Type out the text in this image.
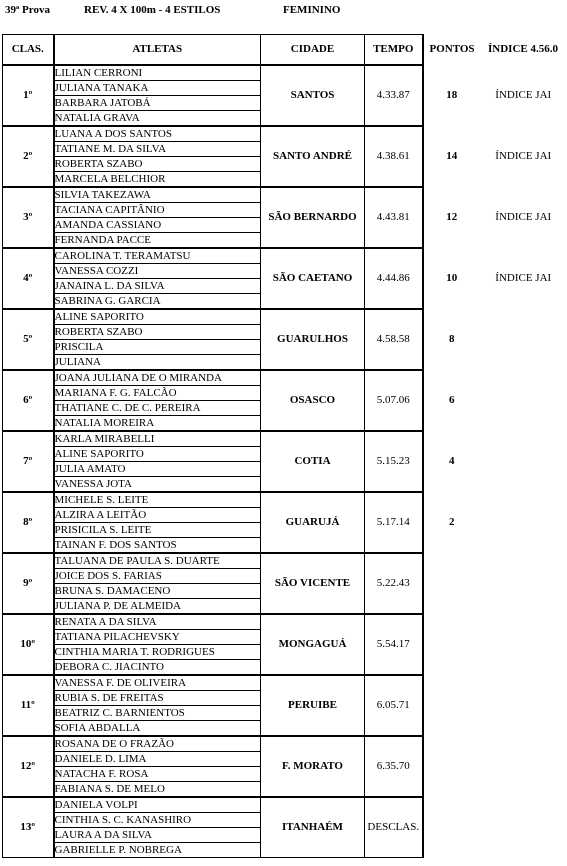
39ª Prova	REV. 4 X 100m - 4 ESTILOS	FEMININO
CLAS.	ATLETAS	CIDADE	TEMPO	PONTOS	ÍNDICE 4.56.0
1º	LILIAN CERRONI	SANTOS	4.33.87	18	ÍNDICE JAI
	JULIANA TANAKA				
	BARBARA JATOBÁ				
	NATALIA GRAVA				
2º	LUANA A DOS SANTOS	SANTO ANDRÉ	4.38.61	14	ÍNDICE JAI
	TATIANE M. DA SILVA				
	ROBERTA SZABO				
	MARCELA BELCHIOR				
3º	SILVIA TAKEZAWA	SÃO BERNARDO	4.43.81	12	ÍNDICE JAI
	TACIANA CAPITÂNIO				
	AMANDA CASSIANO				
	FERNANDA PACCE				
4º	CAROLINA T. TERAMATSU	SÃO CAETANO	4.44.86	10	ÍNDICE JAI
	VANESSA COZZI				
	JANAINA L. DA SILVA				
	SABRINA G. GARCIA				
5º	ALINE SAPORITO	GUARULHOS	4.58.58	8	
	ROBERTA SZABO				
	PRISCILA				
	JULIANA				
6º	JOANA JULIANA DE O MIRANDA	OSASCO	5.07.06	6	
	MARIANA F. G. FALCÃO				
	THATIANE C. DE C. PEREIRA				
	NATALIA MOREIRA				
7º	KARLA MIRABELLI	COTIA	5.15.23	4	
	ALINE SAPORITO				
	JULIA AMATO				
	VANESSA JOTA				
8º	MICHELE S. LEITE	GUARUJÁ	5.17.14	2	
	ALZIRA A LEITÃO				
	PRISICILA S. LEITE				
	TAINAN F. DOS SANTOS				
9º	TALUANA DE PAULA S. DUARTE	SÃO VICENTE	5.22.43		
	JOICE DOS S. FARIAS				
	BRUNA S. DAMACENO				
	JULIANA P. DE ALMEIDA				
10º	RENATA A DA SILVA	MONGAGUÁ	5.54.17		
	TATIANA PILACHEVSKY				
	CINTHIA MARIA T. RODRIGUES				
	DEBORA C. JIACINTO				
11º	VANESSA F. DE OLIVEIRA	PERUIBE	6.05.71		
	RUBIA S. DE FREITAS				
	BEATRIZ C. BARNIENTOS				
	SOFIA ABDALLA				
12º	ROSANA DE O FRAZÃO	F. MORATO	6.35.70		
	DANIELE D. LIMA				
	NATACHA F. ROSA				
	FABIANA S. DE MELO				
13º	DANIELA VOLPI	ITANHAÉM	DESCLAS.		
	CINTHIA S. C. KANASHIRO				
	LAURA A DA SILVA				
	GABRIELLE P. NOBREGA				
